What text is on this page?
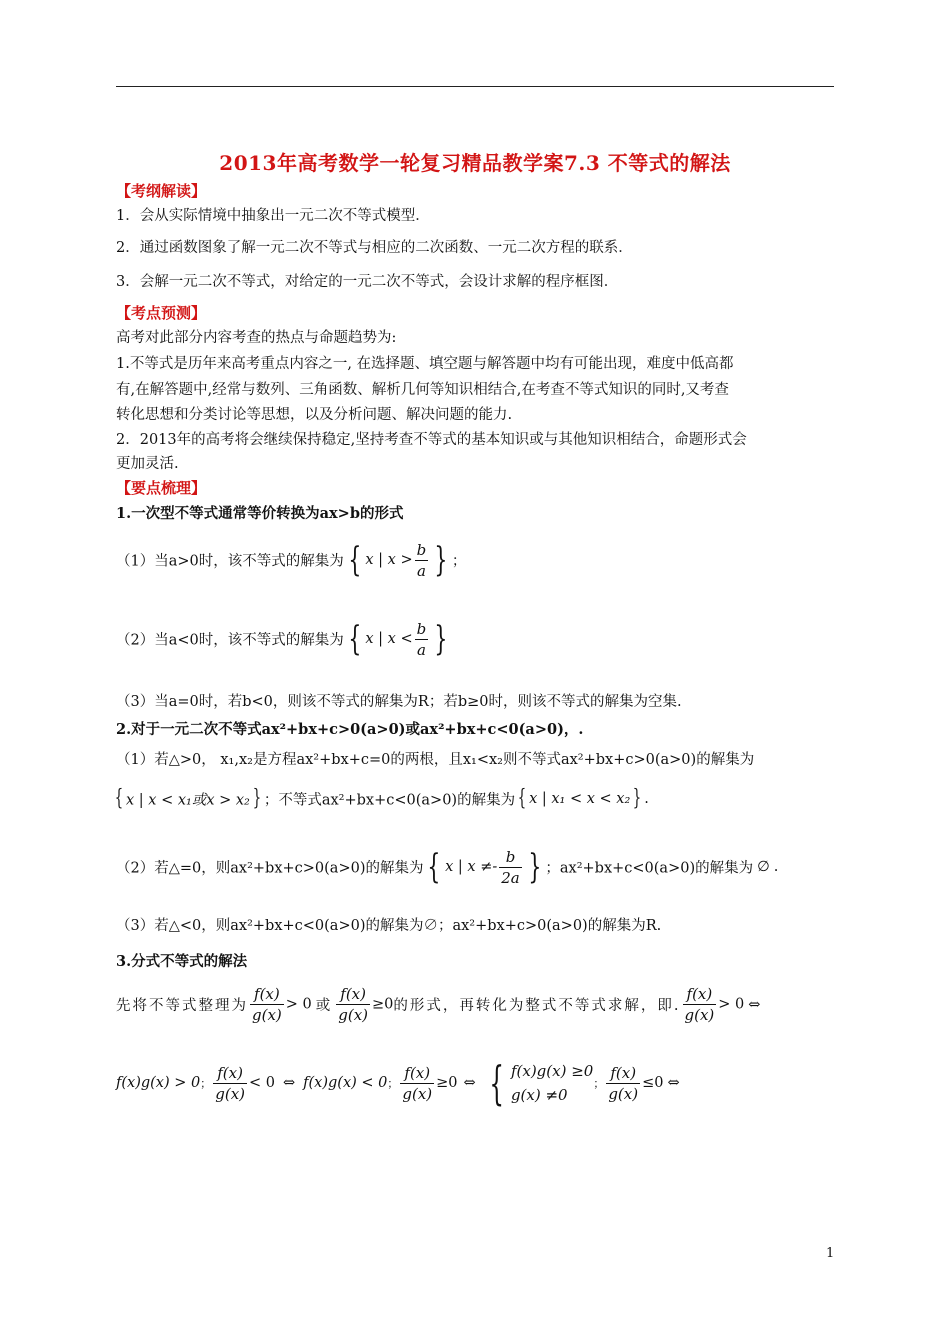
2013年高考数学一轮复习精品教学案7.3 不等式的解法
【考纲解读】
1．会从实际情境中抽象出一元二次不等式模型．
2．通过函数图象了解一元二次不等式与相应的二次函数、一元二次方程的联系．
3．会解一元二次不等式，对给定的一元二次不等式，会设计求解的程序框图．
【考点预测】
高考对此部分内容考查的热点与命题趋势为:
1.不等式是历年来高考重点内容之一, 在选择题、填空题与解答题中均有可能出现，难度中低高都
有,在解答题中,经常与数列、三角函数、解析几何等知识相结合,在考查不等式知识的同时,又考查
转化思想和分类讨论等思想，以及分析问题、解决问题的能力.
2．2013年的高考将会继续保持稳定,坚持考查不等式的基本知识或与其他知识相结合，命题形式会
更加灵活.
【要点梳理】
1.一次型不等式通常等价转换为ax>b的形式
（1）当a>0时，该不等式的解集为 { x | $x > \frac{b}{a}$ } ；
（2）当a<0时，该不等式的解集为 { x | $x < \frac{b}{a}$ }
（3）当a=0时，若b<0，则该不等式的解集为R；若b≥0时，则该不等式的解集为空集.
2.对于一元二次不等式ax²+bx+c>0(a>0)或ax²+bx+c<0(a>0)，.
（1）若△>0， x₁,x₂是方程ax²+bx+c=0的两根，且x₁<x₂则不等式ax²+bx+c>0(a>0)的解集为
{ x | x < x₁或x > x₂ } ；不等式ax²+bx+c<0(a>0)的解集为 { x | x₁ < x < x₂ } .
（2）若△=0，则ax²+bx+c>0(a>0)的解集为 { x | $x \ne- \frac{b}{2a}$ } ；ax²+bx+c<0(a>0)的解集为 ∅ .
（3）若△<0，则ax²+bx+c<0(a>0)的解集为∅；ax²+bx+c>0(a>0)的解集为R.
3.分式不等式的解法
先将不等式整理为 $\frac{f(x)}{g(x)} > 0$ 或 $\frac{f(x)}{g(x)} \ge 0$的形式，再转化为整式不等式求解，即. $\frac{f(x)}{g(x)} > 0$ ⇔
f(x)g(x) > 0； $\frac{f(x)}{g(x)} < 0$ ⇔ f(x)g(x) < 0； $\frac{f(x)}{g(x)} \ge 0$ ⇔ { f(x)g(x) ≥0
g(x) ≠0
； $\frac{f(x)}{g(x)} \le 0$ ⇔
1
